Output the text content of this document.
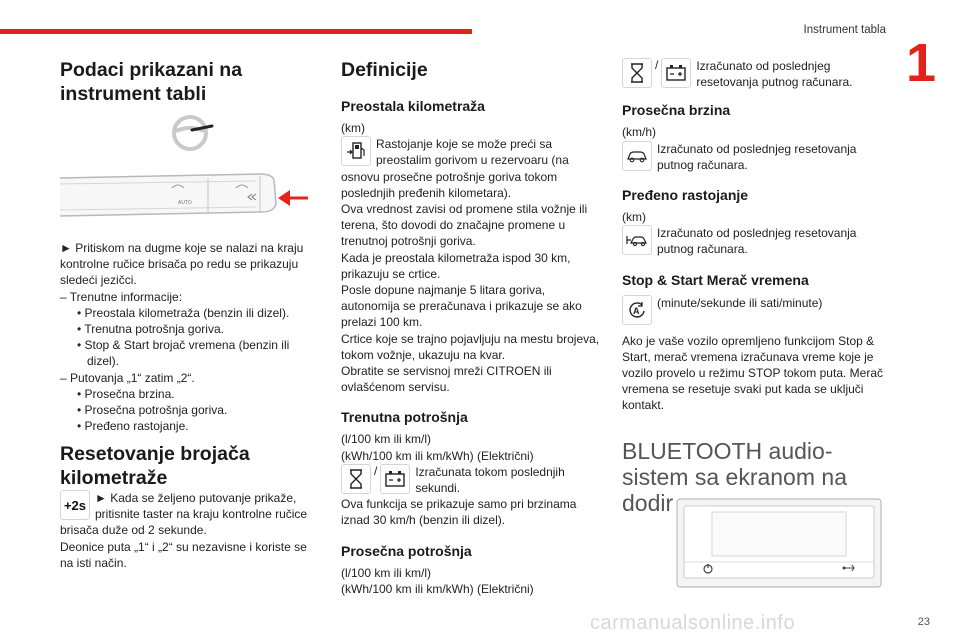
Instrument tabla
1
Podaci prikazani na instrument tabli
AUTO

► Pritiskom na dugme koje se nalazi na kraju kontrolne ručice brisača po redu se prikazuju sledeći jezičci.

– Trenutne informacije:

• Preostala kilometraža (benzin ili dizel).

• Trenutna potrošnja goriva.

• Stop & Start brojač vremena (benzin ili dizel).

– Putovanja „1“ zatim „2“.

• Prosečna brzina.

• Prosečna potrošnja goriva.

• Pređeno rastojanje.

Resetovanje brojača kilometraže
+2s ► Kada se željeno putovanje prikaže, pritisnite taster na kraju kontrolne ručice brisača duže od 2 sekunde.

Deonice puta „1“ i „2“ su nezavisne i koriste se na isti način.

Definicije
Preostala kilometraža

(km)

Rastojanje koje se može preći sa preostalim gorivom u rezervoaru (na osnovu prosečne potrošnje goriva tokom poslednjih pređenih kilometara).

Ova vrednost zavisi od promene stila vožnje ili terena, što dovodi do značajne promene u trenutnoj potrošnji goriva.

Kada je preostala kilometraža ispod 30 km, prikazuju se crtice.

Posle dopune najmanje 5 litara goriva, autonomija se preračunava i prikazuje se ako prelazi 100 km.

Crtice koje se trajno pojavljuju na mestu brojeva, tokom vožnje, ukazuju na kvar.

Obratite se servisnoj mreži CITROEN ili ovlašćenom servisu.

Trenutna potrošnja

(l/100 km ili km/l)

(kWh/100 km ili km/kWh) (Električni)

/	Izračunata tokom poslednjih sekundi.

Ova funkcija se prikazuje samo pri brzinama iznad 30 km/h (benzin ili dizel).

Prosečna potrošnja

(l/100 km ili km/l)

(kWh/100 km ili km/kWh) (Električni)

/	Izračunato od poslednjeg resetovanja putnog računara.

Prosečna brzina

(km/h)

Izračunato od poslednjeg resetovanja putnog računara.

Pređeno rastojanje

(km)

Izračunato od poslednjeg resetovanja putnog računara.

Stop & Start Merač vremena
A

(minute/sekunde ili sati/minute)

Ako je vaše vozilo opremljeno funkcijom Stop & Start, merač vremena izračunava vreme koje je vozilo provelo u režimu STOP tokom puta. Merač vremena se resetuje svaki put kada se uključi kontakt.

BLUETOOTH audio-sistem sa ekranom na dodir
carmanualsonline.info	23
